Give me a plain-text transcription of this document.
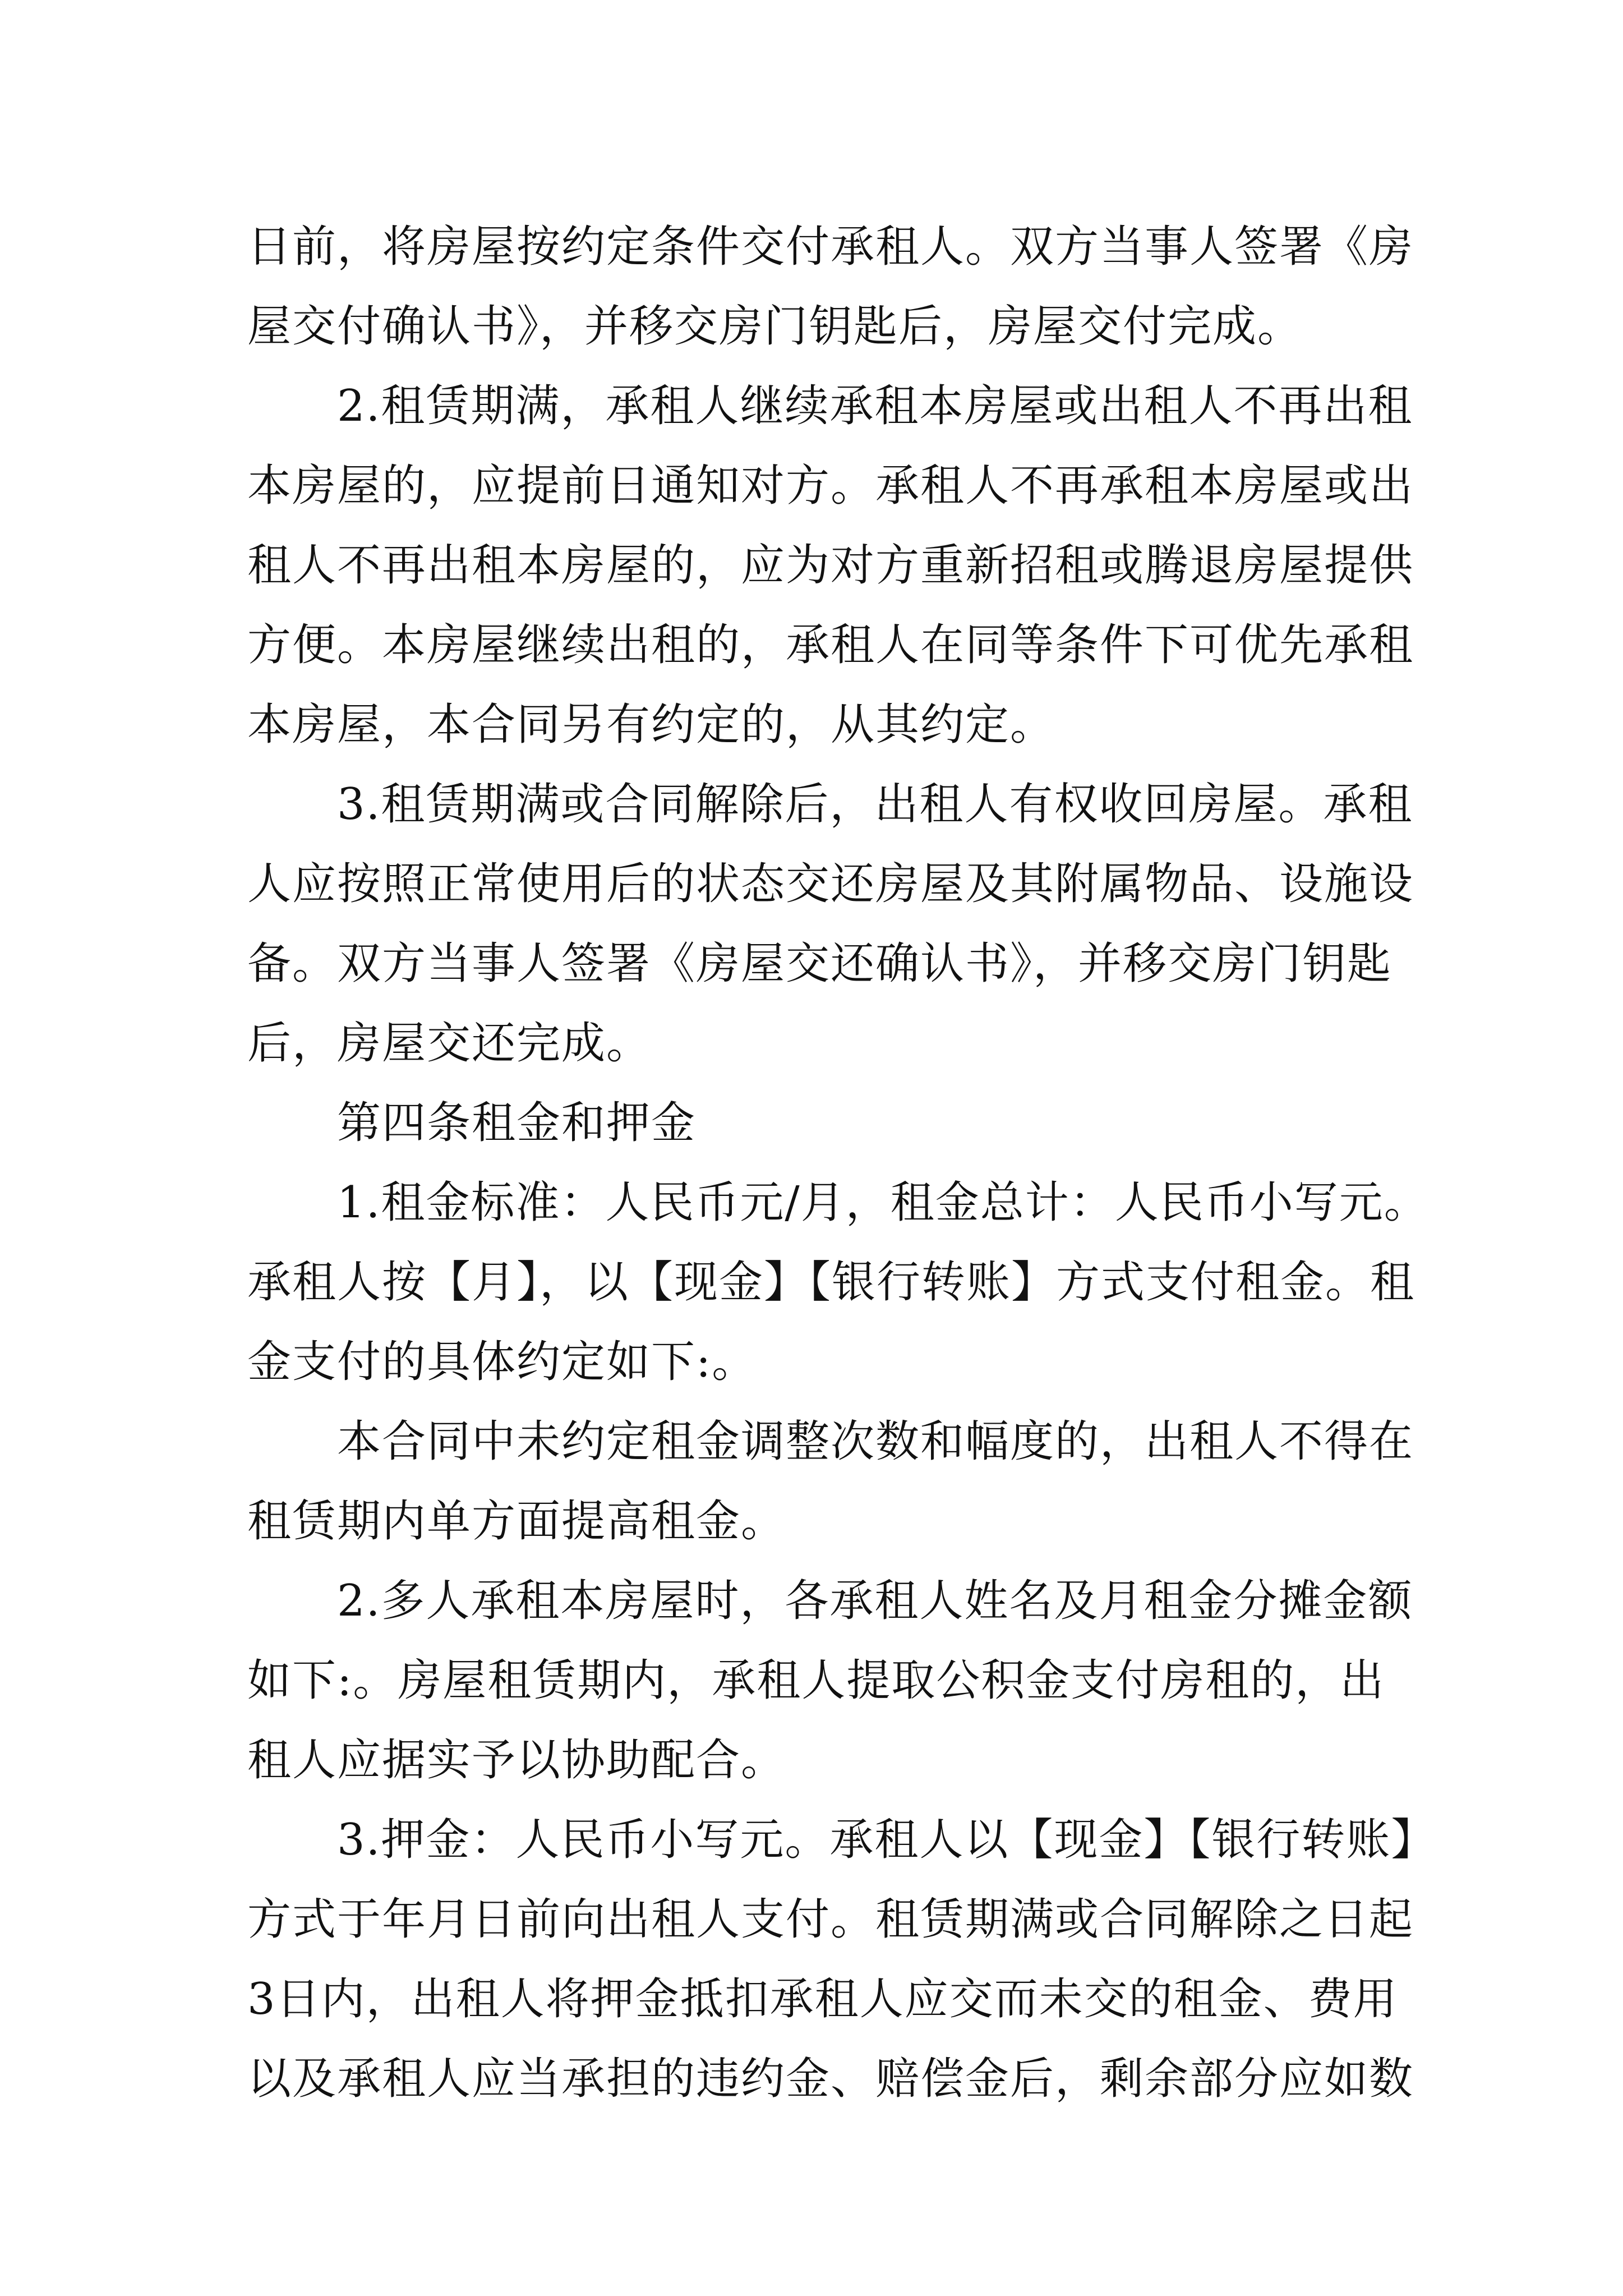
日前，将房屋按约定条件交付承租人。双方当事人签署《房
屋交付确认书》，并移交房门钥匙后，房屋交付完成。
2.租赁期满，承租人继续承租本房屋或出租人不再出租
本房屋的，应提前日通知对方。承租人不再承租本房屋或出
租人不再出租本房屋的，应为对方重新招租或腾退房屋提供
方便。本房屋继续出租的，承租人在同等条件下可优先承租
本房屋，本合同另有约定的，从其约定。
3.租赁期满或合同解除后，出租人有权收回房屋。承租
人应按照正常使用后的状态交还房屋及其附属物品、设施设
备。双方当事人签署《房屋交还确认书》，并移交房门钥匙
后，房屋交还完成。
第四条租金和押金
1.租金标准：人民币元/月，租金总计：人民币小写元。
承租人按【月】，以【现金】【银行转账】方式支付租金。租
金支付的具体约定如下:。
本合同中未约定租金调整次数和幅度的，出租人不得在
租赁期内单方面提高租金。
2.多人承租本房屋时，各承租人姓名及月租金分摊金额
如下:。房屋租赁期内，承租人提取公积金支付房租的，出
租人应据实予以协助配合。
3.押金：人民币小写元。承租人以【现金】【银行转账】
方式于年月日前向出租人支付。租赁期满或合同解除之日起
3日内，出租人将押金抵扣承租人应交而未交的租金、费用
以及承租人应当承担的违约金、赔偿金后，剩余部分应如数
